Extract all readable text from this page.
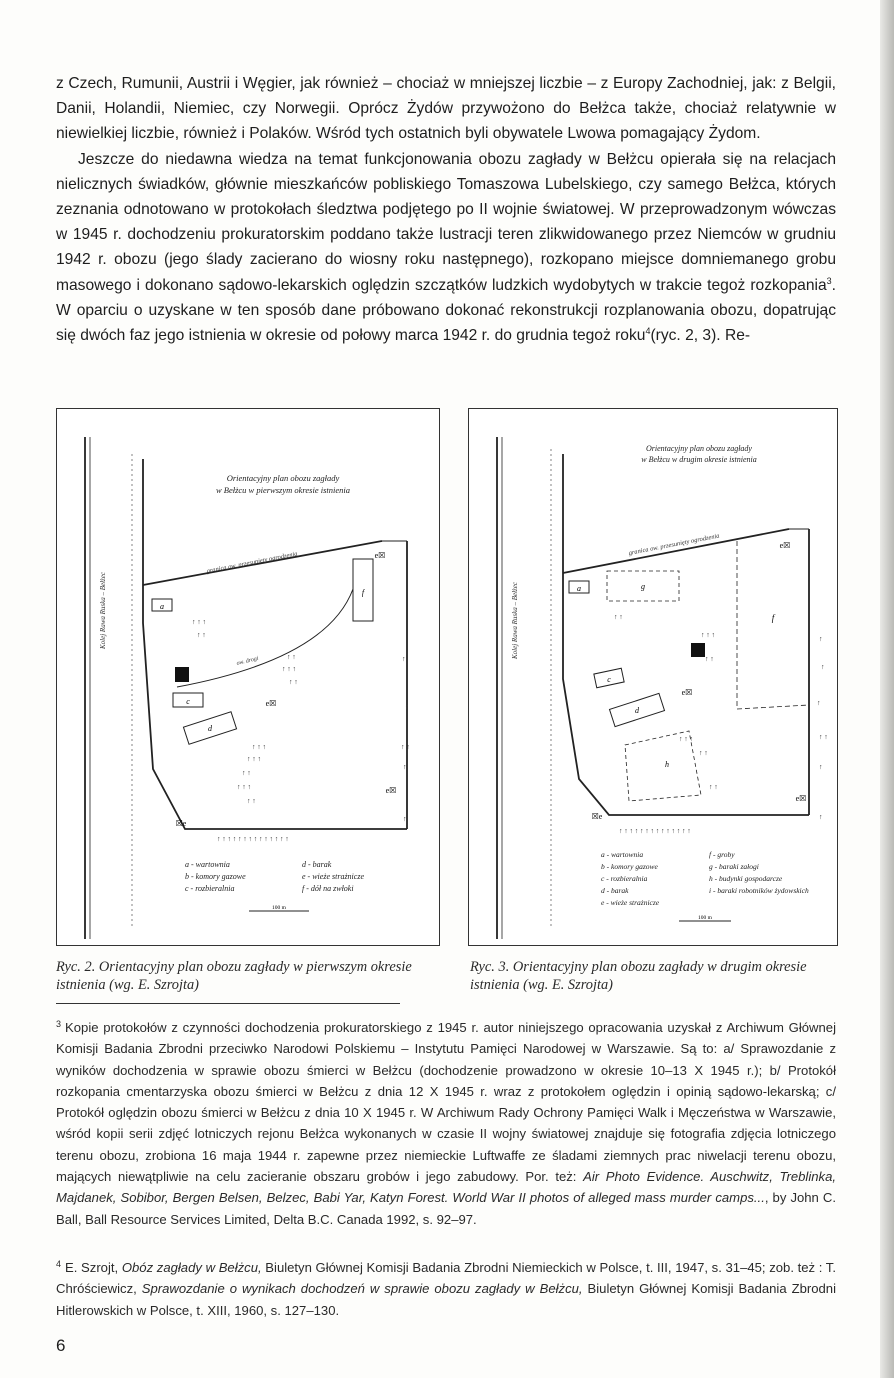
z Czech, Rumunii, Austrii i Węgier, jak również – chociaż w mniejszej liczbie – z Europy Zachodniej, jak: z Belgii, Danii, Holandii, Niemiec, czy Norwegii. Oprócz Żydów przywożono do Bełżca także, chociaż relatywnie w niewielkiej liczbie, również i Polaków. Wśród tych ostatnich byli obywatele Lwowa pomagający Żydom.

Jeszcze do niedawna wiedza na temat funkcjonowania obozu zagłady w Bełżcu opierała się na relacjach nielicznych świadków, głównie mieszkańców pobliskiego Tomaszowa Lubelskiego, czy samego Bełżca, których zeznania odnotowano w protokołach śledztwa podjętego po II wojnie światowej. W przeprowadzonym wówczas w 1945 r. dochodzeniu prokuratorskim poddano także lustracji teren zlikwidowanego przez Niemców w grudniu 1942 r. obozu (jego ślady zacierano do wiosny roku następnego), rozkopano miejsce domniemanego grobu masowego i dokonano sądowo-lekarskich oględzin szczątków ludzkich wydobytych w trakcie tegoż rozkopania$^3$. W oparciu o uzyskane w ten sposób dane próbowano dokonać rekonstrukcji rozplanowania obozu, dopatrując się dwóch faz jego istnienia w okresie od połowy marca 1942 r. do grudnia tegoż roku$^4$(ryc. 2, 3). Re-

Kolej Rawa Ruska – Bełżec
Orientacyjny plan obozu zagłady
w Bełżcu w pierwszym okresie istnienia
granica ow. przesunięty ogrodzenia
f
ow. drogi
a
c
d
e☒
e☒
e☒
☒e
↑ ↑ ↑
↑ ↑
↑ ↑
↑ ↑ ↑
↑ ↑
↑ ↑ ↑
↑ ↑ ↑
↑ ↑
↑ ↑ ↑
↑ ↑
↑
↑
↑ ↑
↑
↑
↑ ↑ ↑ ↑ ↑ ↑ ↑ ↑ ↑ ↑ ↑ ↑ ↑ ↑
a - wartownia
b - komory gazowe
c - rozbieralnia
d - barak
e - wieże strażnicze
f - dół na zwłoki
100 m
Kolej Rawa Ruska – Bełżec
Orientacyjny plan obozu zagłady
w Bełżcu w drugim okresie istnienia
granica ow. przesunięty ogrodzenia
a	g
f
c
d
h
e☒
e☒
e☒
☒e
↑ ↑
↑ ↑ ↑
↑ ↑
↑ ↑ ↑
↑ ↑
↑ ↑
↑
↑
↑
↑ ↑
↑
↑
↑ ↑ ↑ ↑ ↑ ↑ ↑ ↑ ↑ ↑ ↑ ↑ ↑ ↑
a - wartownia
b - komory gazowe
c - rozbieralnia
d - barak
e - wieże strażnicze
f - groby
g - baraki załogi
h - budynki gospodarcze
i - baraki robotników żydowskich
100 m
Ryc. 2. Orientacyjny plan obozu zagłady w pierwszym okresie istnienia (wg. E. Szrojta)
Ryc. 3. Orientacyjny plan obozu zagłady w drugim okresie istnienia (wg. E. Szrojta)

$^3$ Kopie protokołów z czynności dochodzenia prokuratorskiego z 1945 r. autor niniejszego opracowania uzyskał z Archiwum Głównej Komisji Badania Zbrodni przeciwko Narodowi Polskiemu – Instytutu Pamięci Narodowej w Warszawie. Są to: a/ Sprawozdanie z wyników dochodzenia w sprawie obozu śmierci w Bełżcu (dochodzenie prowadzono w okresie 10–13 X 1945 r.); b/ Protokół rozkopania cmentarzyska obozu śmierci w Bełżcu z dnia 12 X 1945 r. wraz z protokołem oględzin i opinią sądowo-lekarską; c/ Protokół oględzin obozu śmierci w Bełżcu z dnia 10 X 1945 r. W Archiwum Rady Ochrony Pamięci Walk i Męczeństwa w Warszawie, wśród kopii serii zdjęć lotniczych rejonu Bełżca wykonanych w czasie II wojny światowej znajduje się fotografia zdjęcia lotniczego terenu obozu, zrobiona 16 maja 1944 r. zapewne przez niemieckie Luftwaffe ze śladami ziemnych prac niwelacji terenu obozu, mających niewątpliwie na celu zacieranie obszaru grobów i jego zabudowy. Por. też: Air Photo Evidence. Auschwitz, Treblinka, Majdanek, Sobibor, Bergen Belsen, Belzec, Babi Yar, Katyn Forest. World War II photos of alleged mass murder camps..., by John C. Ball, Ball Resource Services Limited, Delta B.C. Canada 1992, s. 92–97.

$^4$ E. Szrojt, Obóz zagłady w Bełżcu, Biuletyn Głównej Komisji Badania Zbrodni Niemieckich w Polsce, t. III, 1947, s. 31–45; zob. też : T. Chróściewicz, Sprawozdanie o wynikach dochodzeń w sprawie obozu zagłady w Bełżcu, Biuletyn Głównej Komisji Badania Zbrodni Hitlerowskich w Polsce, t. XIII, 1960, s. 127–130.

6
